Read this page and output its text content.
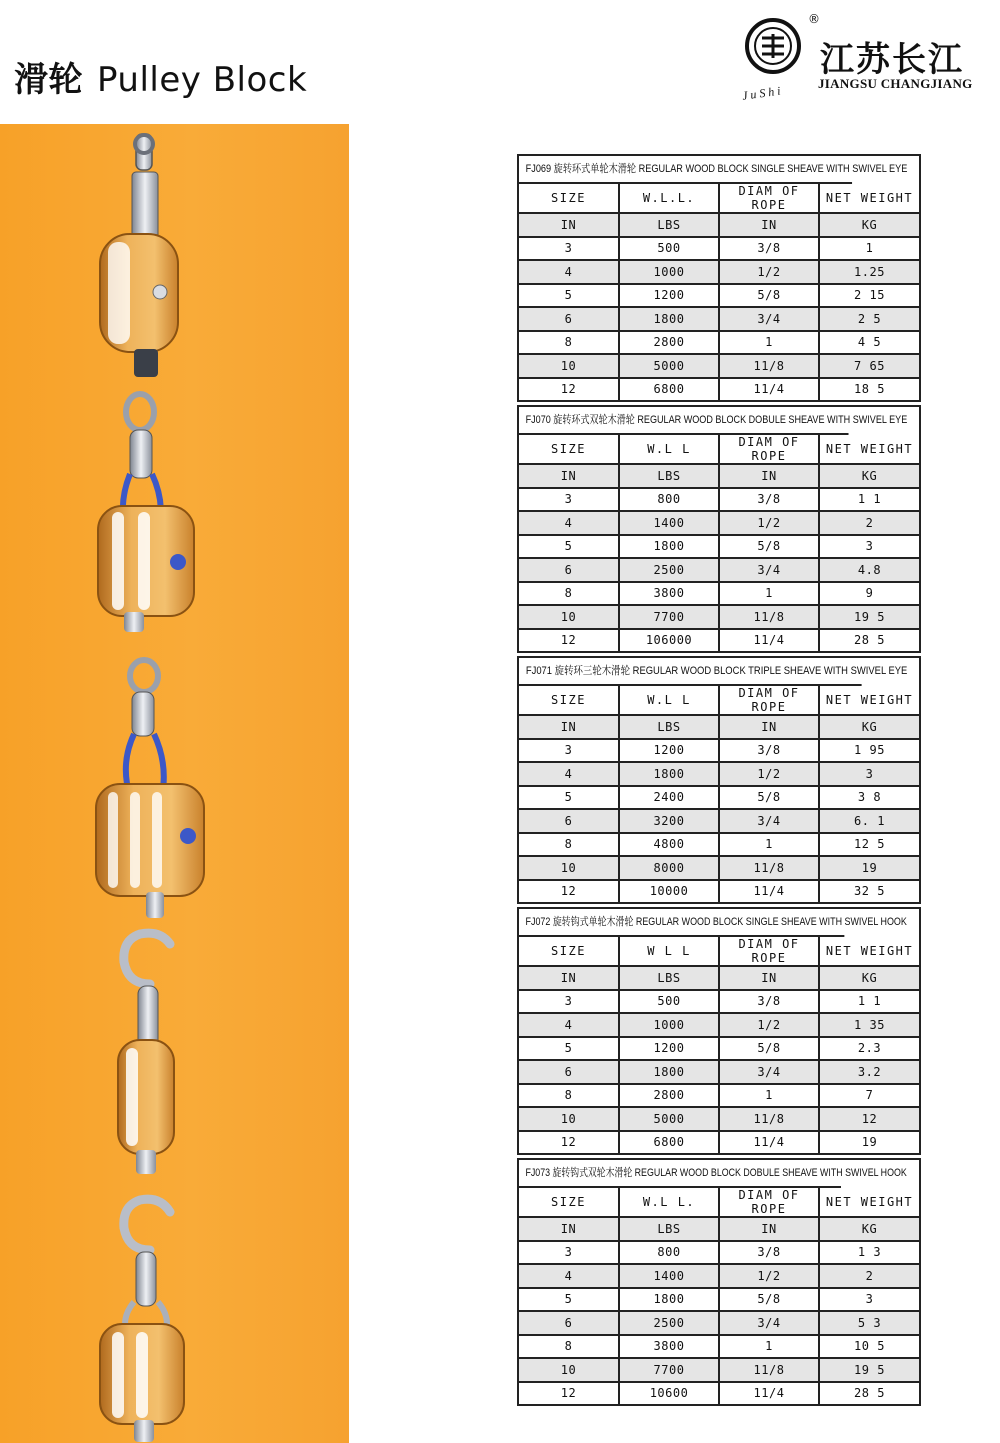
滑轮 Pulley Block
®
江苏长江
JIANGSU CHANGJIANG
JuShi
FJ069 旋转环式单轮木滑轮 REGULAR WOOD BLOCK SINGLE SHEAVE WITH SWIVEL EYE
SIZE	W.L.L.	DIAM OF ROPE	NET WEIGHT
IN	LBS	IN	KG
3	500	3/8	1
4	1000	1/2	1.25
5	1200	5/8	2 15
6	1800	3/4	2 5
8	2800	1	4 5
10	5000	11/8	7 65
12	6800	11/4	18 5
FJ070 旋转环式双轮木滑轮 REGULAR WOOD BLOCK DOBULE SHEAVE WITH SWIVEL EYE
SIZE	W.L L	DIAM OF ROPE	NET WEIGHT
IN	LBS	IN	KG
3	800	3/8	1 1
4	1400	1/2	2
5	1800	5/8	3
6	2500	3/4	4.8
8	3800	1	9
10	7700	11/8	19 5
12	106000	11/4	28 5
FJ071 旋转环三轮木滑轮 REGULAR WOOD BLOCK TRIPLE SHEAVE WITH SWIVEL EYE
SIZE	W.L L	DIAM OF ROPE	NET WEIGHT
IN	LBS	IN	KG
3	1200	3/8	1 95
4	1800	1/2	3
5	2400	5/8	3 8
6	3200	3/4	6. 1
8	4800	1	12 5
10	8000	11/8	19
12	10000	11/4	32 5
FJ072 旋转钩式单轮木滑轮 REGULAR WOOD BLOCK SINGLE SHEAVE WITH SWIVEL HOOK
SIZE	W L L	DIAM OF ROPE	NET WEIGHT
IN	LBS	IN	KG
3	500	3/8	1 1
4	1000	1/2	1 35
5	1200	5/8	2.3
6	1800	3/4	3.2
8	2800	1	7
10	5000	11/8	12
12	6800	11/4	19
FJ073 旋转钩式双轮木滑轮 REGULAR WOOD BLOCK DOBULE SHEAVE WITH SWIVEL HOOK
SIZE	W.L L.	DIAM OF ROPE	NET WEIGHT
IN	LBS	IN	KG
3	800	3/8	1 3
4	1400	1/2	2
5	1800	5/8	3
6	2500	3/4	5 3
8	3800	1	10 5
10	7700	11/8	19 5
12	10600	11/4	28 5
